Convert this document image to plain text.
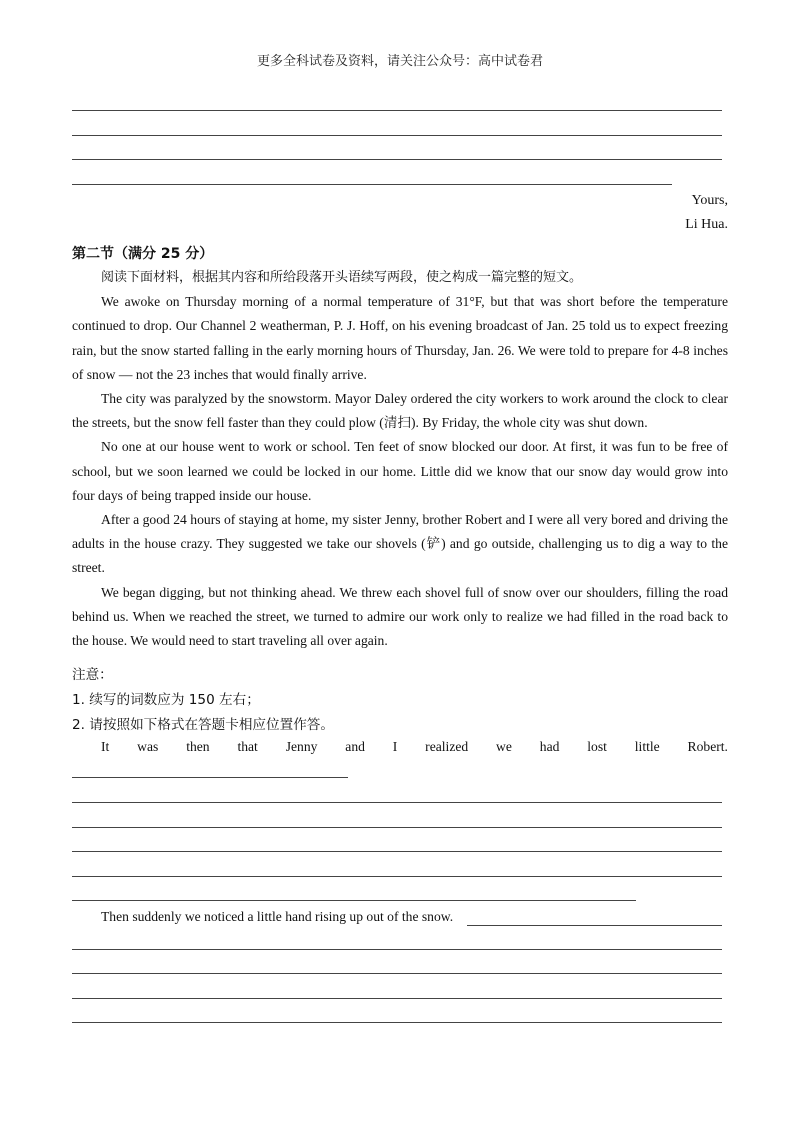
更多全科试卷及资料，请关注公众号：高中试卷君
Yours,
Li Hua.
第二节（满分 25 分）

阅读下面材料，根据其内容和所给段落开头语续写两段，使之构成一篇完整的短文。

We awoke on Thursday morning of a normal temperature of 31°F, but that was short before the temperature continued to drop. Our Channel 2 weatherman, P. J. Hoff, on his evening broadcast of Jan. 25 told us to expect freezing rain, but the snow started falling in the early morning hours of Thursday, Jan. 26. We were told to prepare for 4-8 inches of snow — not the 23 inches that would finally arrive.

The city was paralyzed by the snowstorm. Mayor Daley ordered the city workers to work around the clock to clear the streets, but the snow fell faster than they could plow (清扫). By Friday, the whole city was shut down.

No one at our house went to work or school. Ten feet of snow blocked our door. At first, it was fun to be free of school, but we soon learned we could be locked in our home. Little did we know that our snow day would grow into four days of being trapped inside our house.

After a good 24 hours of staying at home, my sister Jenny, brother Robert and I were all very bored and driving the adults in the house crazy. They suggested we take our shovels (铲) and go outside, challenging us to dig a way to the street.

We began digging, but not thinking ahead. We threw each shovel full of snow over our shoulders, filling the road behind us. When we reached the street, we turned to admire our work only to realize we had filled in the road back to the house. We would need to start traveling all over again.

注意：
1. 续写的词数应为 150 左右；
2. 请按照如下格式在答题卡相应位置作答。
It was then that Jenny and I realized we had lost little Robert.
Then suddenly we noticed a little hand rising up out of the snow.
